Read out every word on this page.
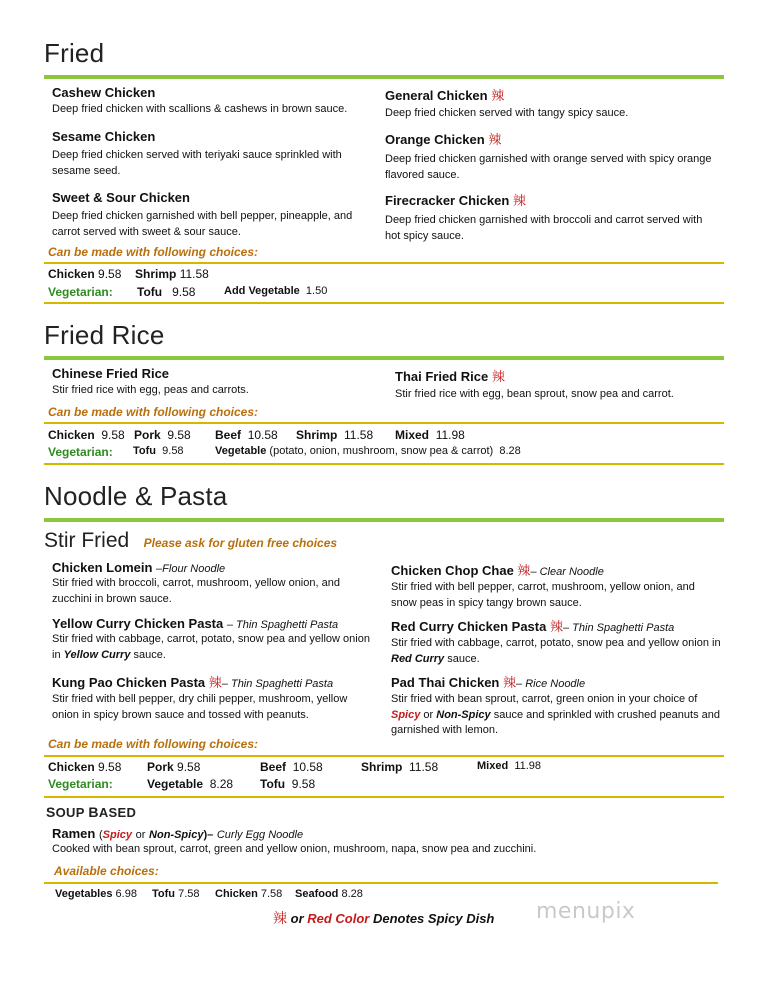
Fried
Cashew Chicken
Deep fried chicken with scallions & cashews in brown sauce.
Sesame Chicken
Deep fried chicken served with teriyaki sauce sprinkled with sesame seed.
Sweet & Sour Chicken
Deep fried chicken garnished with bell pepper, pineapple, and carrot served with sweet & sour sauce.
General Chicken 辣
Deep fried chicken served with tangy spicy sauce.
Orange Chicken 辣
Deep fried chicken garnished with orange served with spicy orange flavored sauce.
Firecracker Chicken 辣
Deep fried chicken garnished with broccoli and carrot served with hot spicy sauce.
Can be made with following choices:
Chicken 9.58 Shrimp 11.58
Vegetarian: Tofu 9.58	Add Vegetable 1.50
Fried Rice
Chinese Fried Rice
Stir fried rice with egg, peas and carrots.
Thai Fried Rice 辣
Stir fried rice with egg, bean sprout, snow pea and carrot.
Can be made with following choices:
Chicken 9.58 Pork 9.58 Beef 10.58 Shrimp 11.58 Mixed 11.98
Vegetarian: Tofu 9.58	Vegetable (potato, onion, mushroom, snow pea & carrot) 8.28
Noodle & Pasta
Stir Fried Please ask for gluten free choices
Chicken Lomein –Flour Noodle
Stir fried with broccoli, carrot, mushroom, yellow onion, and zucchini in brown sauce.
Yellow Curry Chicken Pasta – Thin Spaghetti Pasta
Stir fried with cabbage, carrot, potato, snow pea and yellow onion in Yellow Curry sauce.
Kung Pao Chicken Pasta 辣– Thin Spaghetti Pasta
Stir fried with bell pepper, dry chili pepper, mushroom, yellow onion in spicy brown sauce and tossed with peanuts.
Chicken Chop Chae 辣– Clear Noodle
Stir fried with bell pepper, carrot, mushroom, yellow onion, and snow peas in spicy tangy brown sauce.
Red Curry Chicken Pasta 辣– Thin Spaghetti Pasta
Stir fried with cabbage, carrot, potato, snow pea and yellow onion in Red Curry sauce.
Pad Thai Chicken 辣– Rice Noodle
Stir fried with bean sprout, carrot, green onion in your choice of Spicy or Non-Spicy sauce and sprinkled with crushed peanuts and garnished with lemon.
Can be made with following choices:
Chicken 9.58 Pork 9.58	Beef 10.58	Shrimp 11.58	Mixed 11.98
Vegetarian:	Vegetable 8.28 Tofu 9.58
SOUP BASED
Ramen (Spicy or Non-Spicy)– Curly Egg Noodle
Cooked with bean sprout, carrot, green and yellow onion, mushroom, napa, snow pea and zucchini.
Available choices:
Vegetables 6.98 Tofu 7.58 Chicken 7.58 Seafood 8.28
辣 or Red Color Denotes Spicy Dish menupix
